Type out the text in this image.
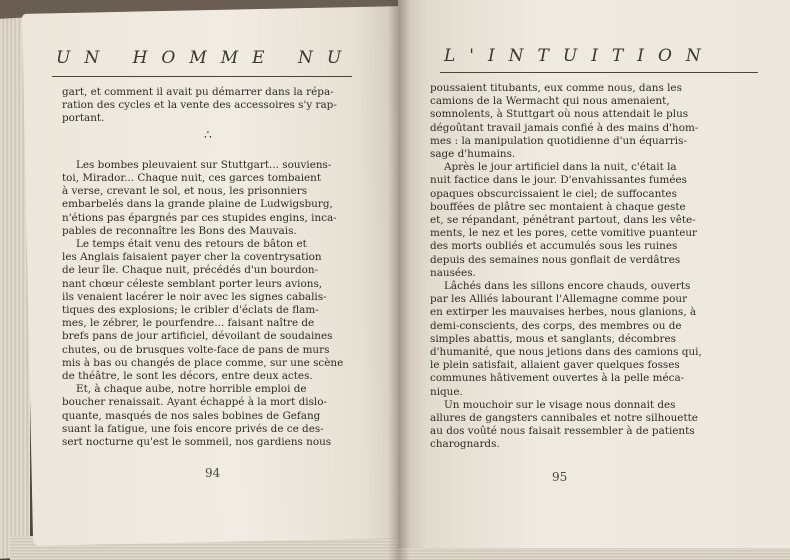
UN HOMME NU
gart, et comment il avait pu démarrer dans la répa-
ration des cycles et la vente des accessoires s'y rap-
portant.
∴
Les bombes pleuvaient sur Stuttgart... souviens-
toi, Mirador... Chaque nuit, ces garces tombaient
à verse, crevant le sol, et nous, les prisonniers
embarbelés dans la grande plaine de Ludwigsburg,
n'étions pas épargnés par ces stupides engins, inca-
pables de reconnaître les Bons des Mauvais.
Le temps était venu des retours de bâton et
les Anglais faisaient payer cher la coventrysation
de leur île. Chaque nuit, précédés d'un bourdon-
nant chœur céleste semblant porter leurs avions,
ils venaient lacérer le noir avec les signes cabalis-
tiques des explosions; le cribler d'éclats de flam-
mes, le zébrer, le pourfendre... faisant naître de
brefs pans de jour artificiel, dévoilant de soudaines
chutes, ou de brusques volte-face de pans de murs
mis à bas ou changés de place comme, sur une scène
de théâtre, le sont les décors, entre deux actes.
Et, à chaque aube, notre horrible emploi de
boucher renaissait. Ayant échappé à la mort dislo-
quante, masqués de nos sales bobines de Gefang
suant la fatigue, une fois encore privés de ce des-
sert nocturne qu'est le sommeil, nos gardiens nous
94
L'INTUITION
poussaient titubants, eux comme nous, dans les
camions de la Wermacht qui nous amenaient,
somnolents, à Stuttgart où nous attendait le plus
dégoûtant travail jamais confié à des mains d'hom-
mes : la manipulation quotidienne d'un équarris-
sage d'humains.
Après le jour artificiel dans la nuit, c'était la
nuit factice dans le jour. D'envahissantes fumées
opaques obscurcissaient le ciel; de suffocantes
bouffées de plâtre sec montaient à chaque geste
et, se répandant, pénétrant partout, dans les vête-
ments, le nez et les pores, cette vomitive puanteur
des morts oubliés et accumulés sous les ruines
depuis des semaines nous gonflait de verdâtres
nausées.
Lâchés dans les sillons encore chauds, ouverts
par les Alliés labourant l'Allemagne comme pour
en extirper les mauvaises herbes, nous glanions, à
demi-conscients, des corps, des membres ou de
simples abattis, mous et sanglants, décombres
d'humanité, que nous jetions dans des camions qui,
le plein satisfait, allaient gaver quelques fosses
communes hâtivement ouvertes à la pelle méca-
nique.
Un mouchoir sur le visage nous donnait des
allures de gangsters cannibales et notre silhouette
au dos voûté nous faisait ressembler à de patients
charognards.
95
